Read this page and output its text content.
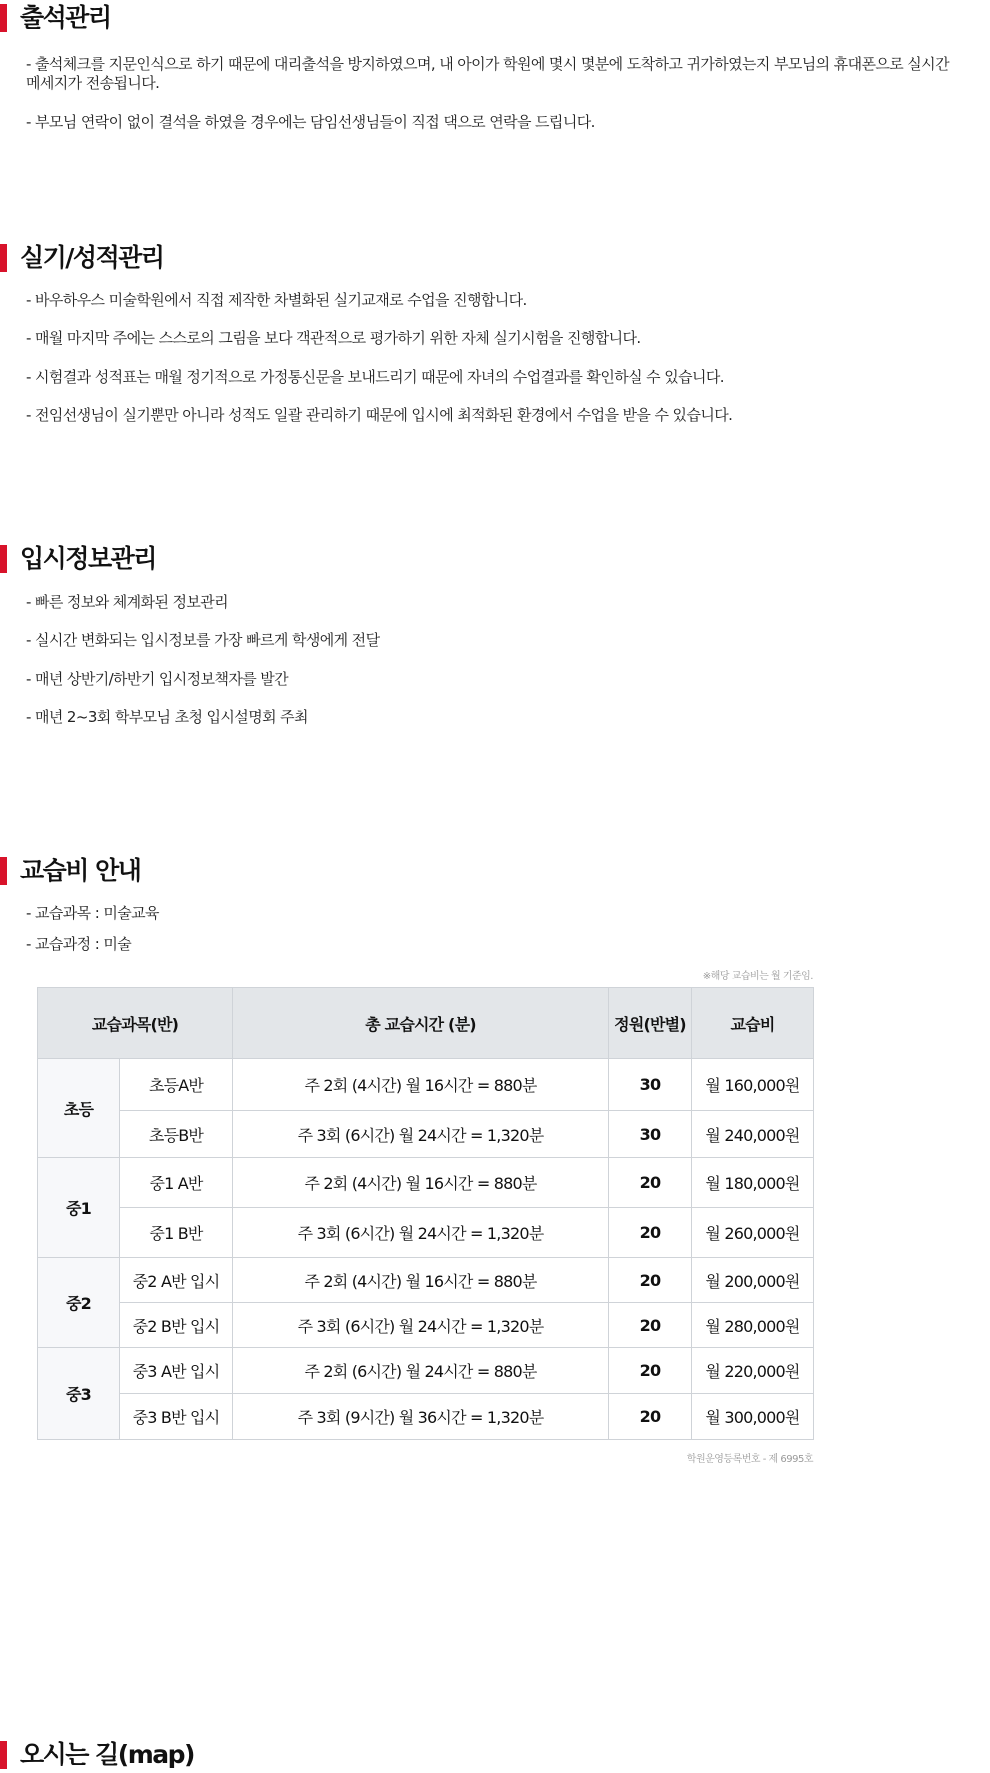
출석관리
- 출석체크를 지문인식으로 하기 때문에 대리출석을 방지하였으며, 내 아이가 학원에 몇시 몇분에 도착하고 귀가하였는지 부모님의 휴대폰으로 실시간 메세지가 전송됩니다.
- 부모님 연락이 없이 결석을 하였을 경우에는 담임선생님들이 직접 댁으로 연락을 드립니다.
실기/성적관리
- 바우하우스 미술학원에서 직접 제작한 차별화된 실기교재로 수업을 진행합니다.
- 매월 마지막 주에는 스스로의 그림을 보다 객관적으로 평가하기 위한 자체 실기시험을 진행합니다.
- 시험결과 성적표는 매월 정기적으로 가정통신문을 보내드리기 때문에 자녀의 수업결과를 확인하실 수 있습니다.
- 전임선생님이 실기뿐만 아니라 성적도 일괄 관리하기 때문에 입시에 최적화된 환경에서 수업을 받을 수 있습니다.
입시정보관리
- 빠른 정보와 체계화된 정보관리
- 실시간 변화되는 입시정보를 가장 빠르게 학생에게 전달
- 매년 상반기/하반기 입시정보책자를 발간
- 매년 2~3회 학부모님 초청 입시설명회 주최
교습비 안내
- 교습과목 : 미술교육
- 교습과정 : 미술
※해당 교습비는 월 기준임.
교습과목(반)		총 교습시간 (분)	정원(반별)	교습비
초등	초등A반	주 2회 (4시간) 월 16시간 = 880분	30	월 160,000원
	초등B반	주 3회 (6시간) 월 24시간 = 1,320분	30	월 240,000원
중1	중1 A반	주 2회 (4시간) 월 16시간 = 880분	20	월 180,000원
	중1 B반	주 3회 (6시간) 월 24시간 = 1,320분	20	월 260,000원
중2	중2 A반 입시	주 2회 (4시간) 월 16시간 = 880분	20	월 200,000원
	중2 B반 입시	주 3회 (6시간) 월 24시간 = 1,320분	20	월 280,000원
중3	중3 A반 입시	주 2회 (6시간) 월 24시간 = 880분	20	월 220,000원
	중3 B반 입시	주 3회 (9시간) 월 36시간 = 1,320분	20	월 300,000원
학원운영등록번호 - 제 6995호
오시는 길(map)
